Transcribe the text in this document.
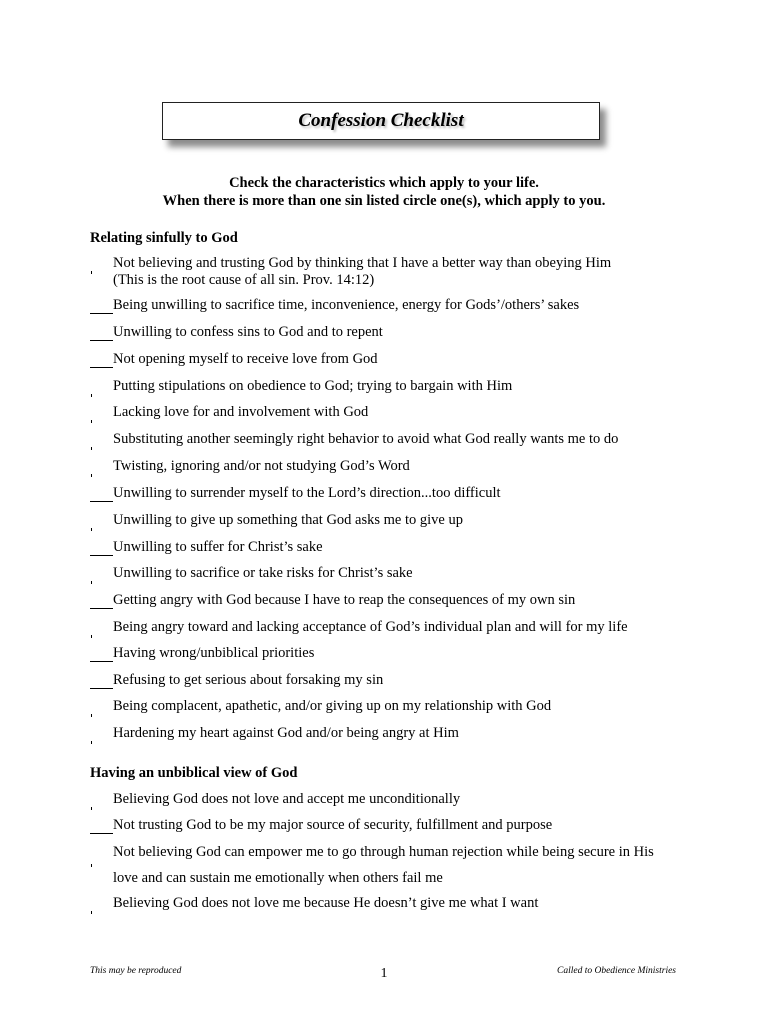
Confession Checklist
Check the characteristics which apply to your life.
When there is more than one sin listed circle one(s), which apply to you.
Relating sinfully to God
Not believing and trusting God by thinking that I have a better way than obeying Him
(This is the root cause of all sin. Prov. 14:12)
Being unwilling to sacrifice time, inconvenience, energy for Gods’/others’ sakes
Unwilling to confess sins to God and to repent
Not opening myself to receive love from God
Putting stipulations on obedience to God; trying to bargain with Him
Lacking love for and involvement with God
Substituting another seemingly right behavior to avoid what God really wants me to do
Twisting, ignoring and/or not studying God’s Word
Unwilling to surrender myself to the Lord’s direction...too difficult
Unwilling to give up something that God asks me to give up
Unwilling to suffer for Christ’s sake
Unwilling to sacrifice or take risks for Christ’s sake
Getting angry with God because I have to reap the consequences of my own sin
Being angry toward and lacking acceptance of God’s individual plan and will for my life
Having wrong/unbiblical priorities
Refusing to get serious about forsaking my sin
Being complacent, apathetic, and/or giving up on my relationship with God
Hardening my heart against God and/or being angry at Him
Having an unbiblical view of God
Believing God does not love and accept me unconditionally
Not trusting God to be my major source of security, fulfillment and purpose
Not believing God can empower me to go through human rejection while being secure in His
love and can sustain me emotionally when others fail me
Believing God does not love me because He doesn’t give me what I want
This may be reproduced	1	Called to Obedience Ministries
